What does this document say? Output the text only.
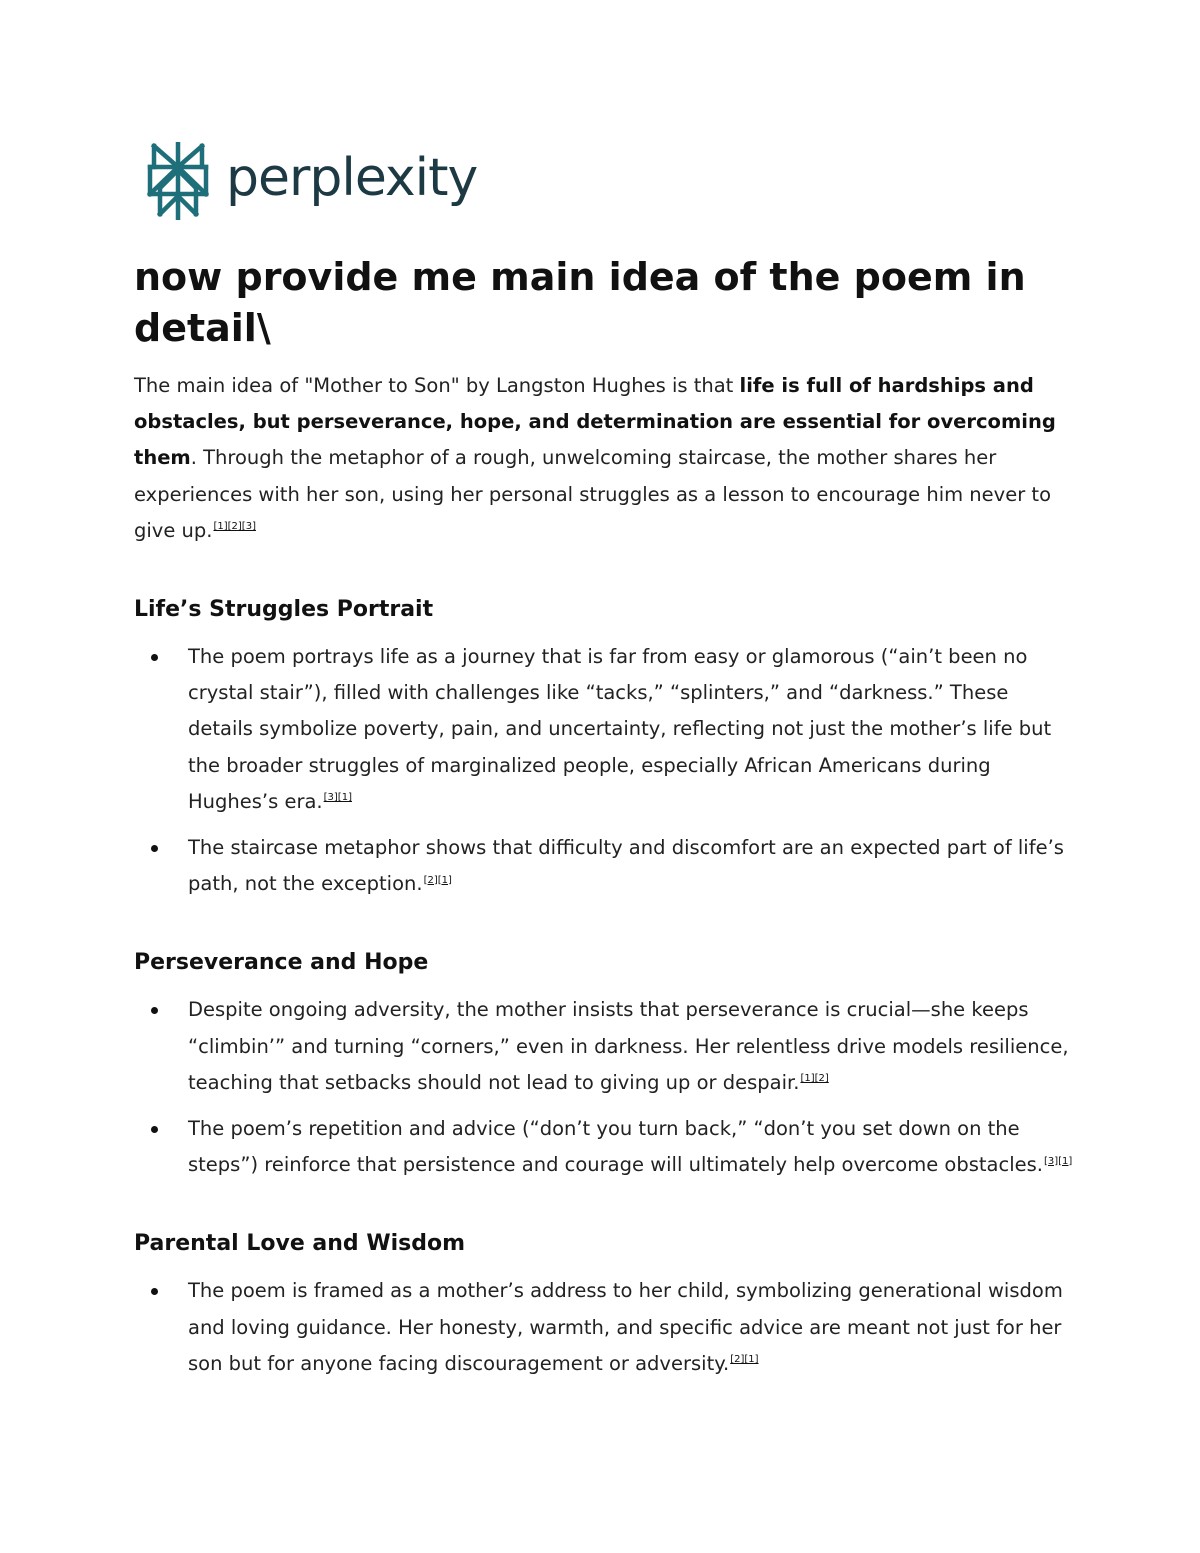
perplexity
now provide me main idea of the poem in detail\

The main idea of "Mother to Son" by Langston Hughes is that life is full of hardships and obstacles, but perseverance, hope, and determination are essential for overcoming them. Through the metaphor of a rough, unwelcoming staircase, the mother shares her experiences with her son, using her personal struggles as a lesson to encourage him never to give up.[1][2][3]

Life’s Struggles Portrait
The poem portrays life as a journey that is far from easy or glamorous (“ain’t been no crystal stair”), filled with challenges like “tacks,” “splinters,” and “darkness.” These details symbolize poverty, pain, and uncertainty, reflecting not just the mother’s life but the broader struggles of marginalized people, especially African Americans during Hughes’s era.[3][1]
The staircase metaphor shows that difficulty and discomfort are an expected part of life’s path, not the exception.[2][1]
Perseverance and Hope
Despite ongoing adversity, the mother insists that perseverance is crucial—she keeps “climbin’” and turning “corners,” even in darkness. Her relentless drive models resilience, teaching that setbacks should not lead to giving up or despair.[1][2]
The poem’s repetition and advice (“don’t you turn back,” “don’t you set down on the steps”) reinforce that persistence and courage will ultimately help overcome obstacles.[3][1]
Parental Love and Wisdom
The poem is framed as a mother’s address to her child, symbolizing generational wisdom and loving guidance. Her honesty, warmth, and specific advice are meant not just for her son but for anyone facing discouragement or adversity.[2][1]
